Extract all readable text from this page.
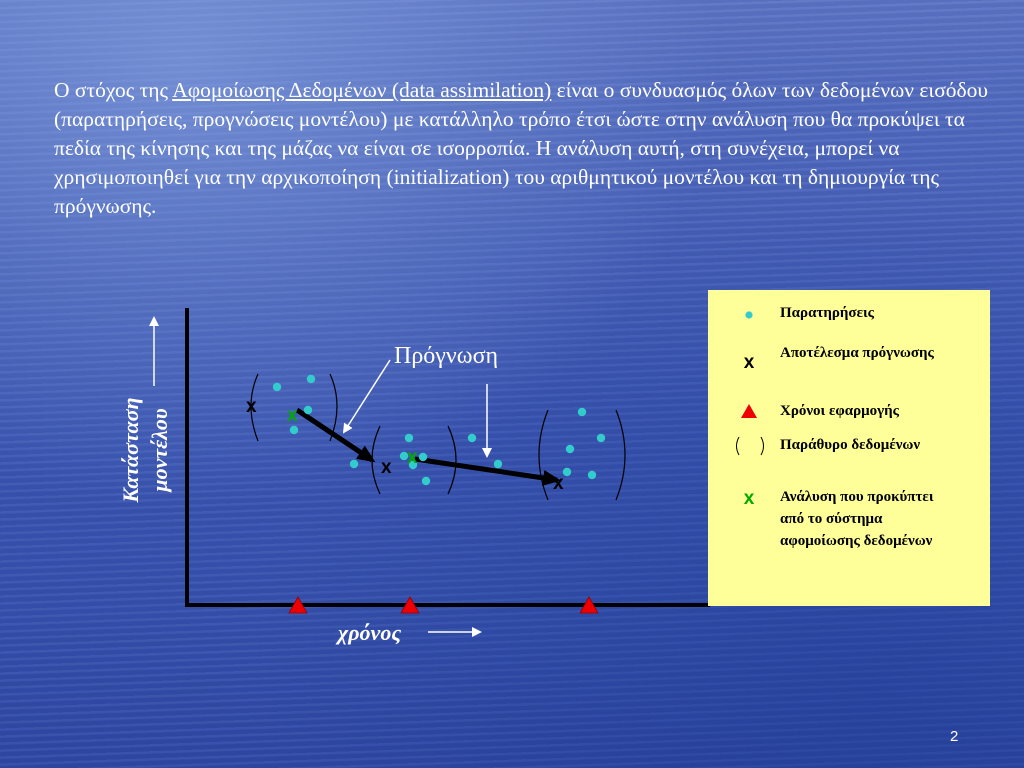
Ο στόχος της Αφομοίωσης Δεδομένων (data assimilation) είναι ο συνδυασμός όλων των δεδομένων εισόδου (παρατηρήσεις, προγνώσεις μοντέλου) με κατάλληλο τρόπο έτσι ώστε στην ανάλυση που θα προκύψει τα πεδία της κίνησης και της μάζας να είναι σε ισορροπία. Η ανάλυση αυτή, στη συνέχεια, μπορεί να χρησιμοποιηθεί για την αρχικοποίηση (initialization) του αριθμητικού μοντέλου και τη δημιουργία της πρόγνωσης.
x
x
x
x
x
Κατάσταση μοντέλου
χρόνος
Πρόγνωση
Παρατηρήσεις
x	Αποτέλεσμα πρόγνωσης
Χρόνοι εφαρμογής
Παράθυρο δεδομένων
x	Ανάλυση που προκύπτει από το σύστημα αφομοίωσης δεδομένων
2
